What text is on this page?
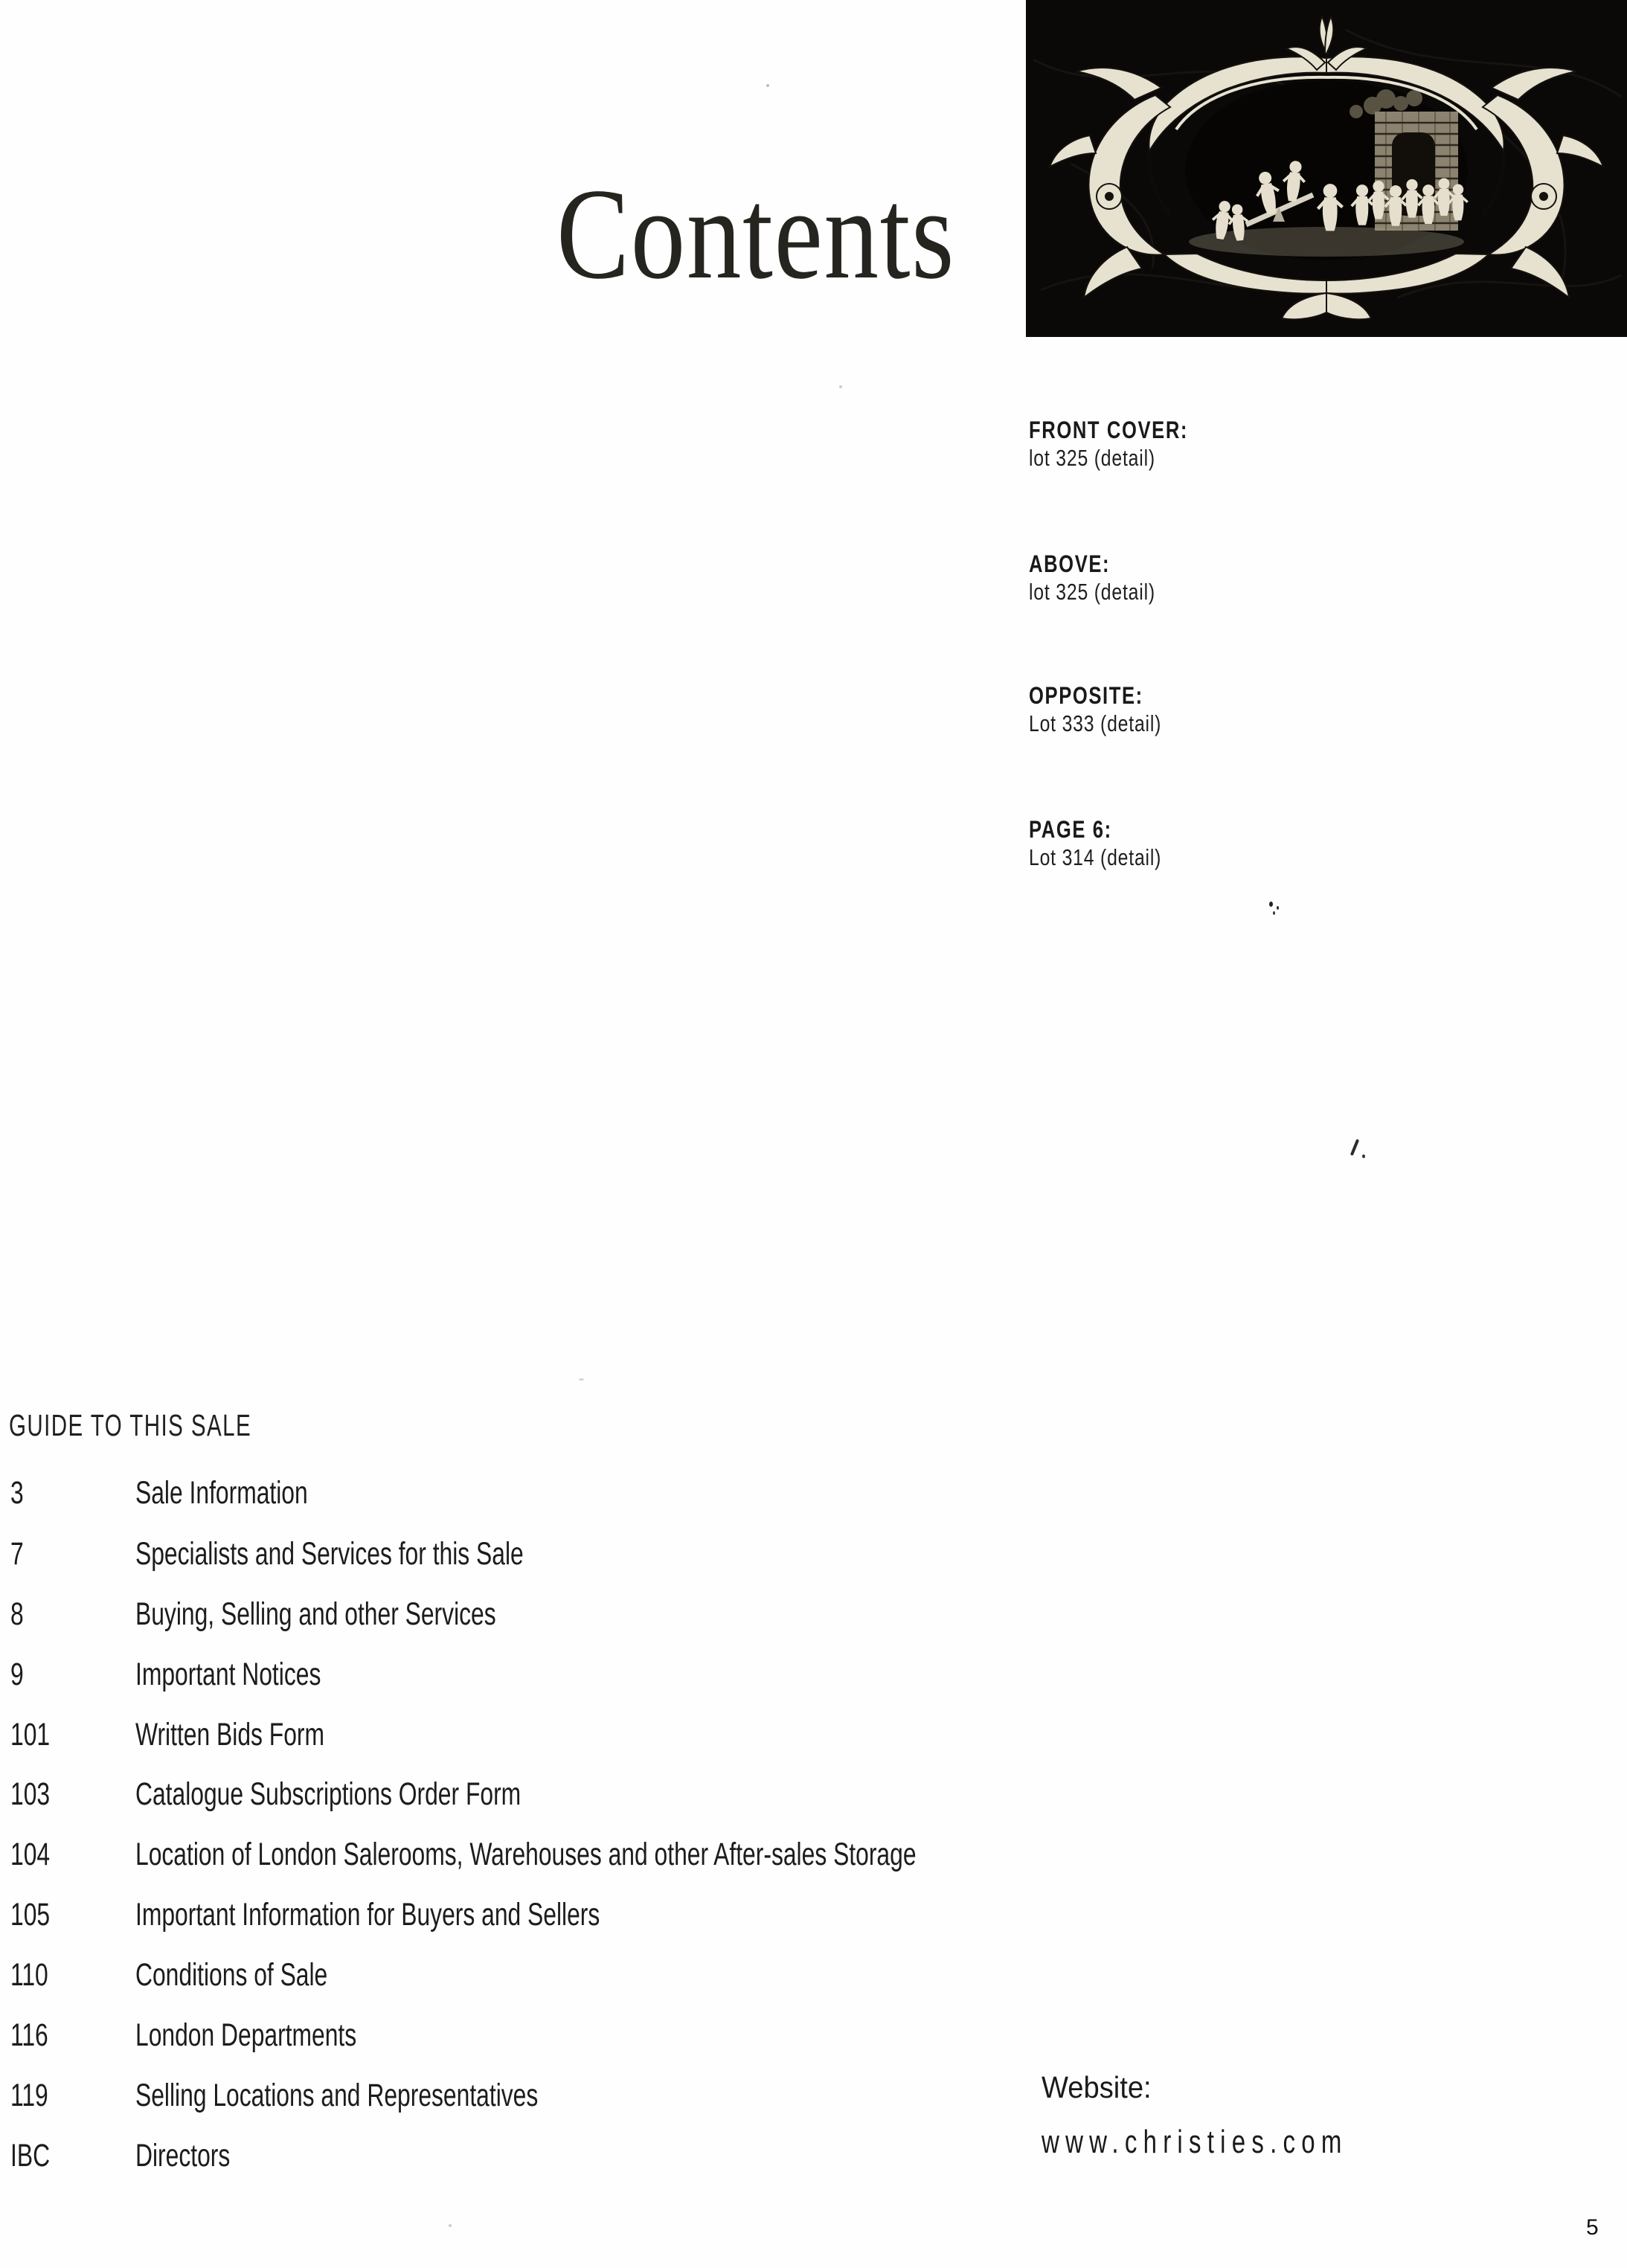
Contents
FRONT COVER:
lot 325 (detail)
ABOVE:
lot 325 (detail)
OPPOSITE:
Lot 333 (detail)
PAGE 6:
Lot 314 (detail)
GUIDE TO THIS SALE
3	Sale Information
7	Specialists and Services for this Sale
8	Buying, Selling and other Services
9	Important Notices
101	Written Bids Form
103	Catalogue Subscriptions Order Form
104	Location of London Salerooms, Warehouses and other After-sales Storage
105	Important Information for Buyers and Sellers
110	Conditions of Sale
116	London Departments
119	Selling Locations and Representatives
IBC	Directors
Website:
www.christies.com
5
